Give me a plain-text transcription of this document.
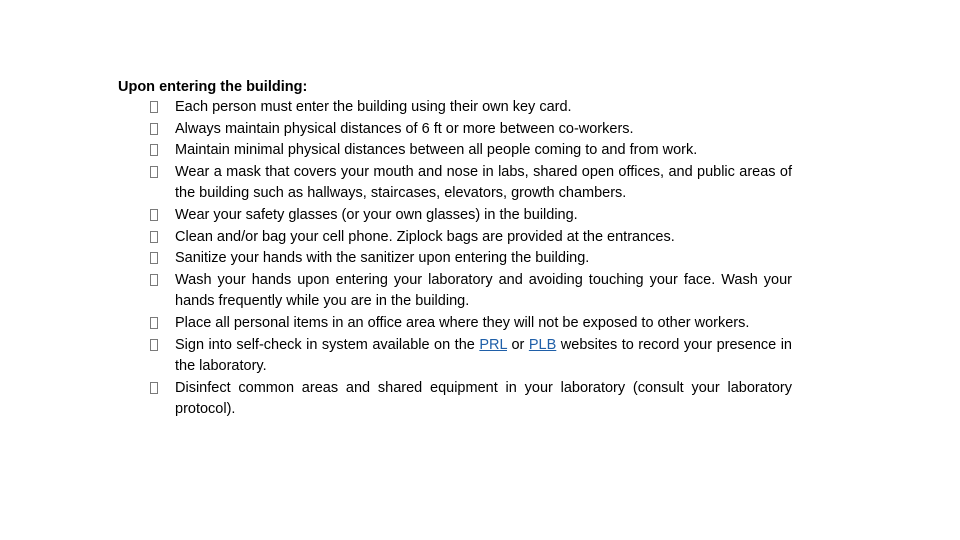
Upon entering the building:
Each person must enter the building using their own key card.
Always maintain physical distances of 6 ft or more between co-workers.
Maintain minimal physical distances between all people coming to and from work.
Wear a mask that covers your mouth and nose in labs, shared open offices, and public areas of the building such as hallways, staircases, elevators, growth chambers.
Wear your safety glasses (or your own glasses) in the building.
Clean and/or bag your cell phone. Ziplock bags are provided at the entrances.
Sanitize your hands with the sanitizer upon entering the building.
Wash your hands upon entering your laboratory and avoiding touching your face. Wash your hands frequently while you are in the building.
Place all personal items in an office area where they will not be exposed to other workers.
Sign into self-check in system available on the PRL or PLB websites to record your presence in the laboratory.
Disinfect common areas and shared equipment in your laboratory (consult your laboratory protocol).
